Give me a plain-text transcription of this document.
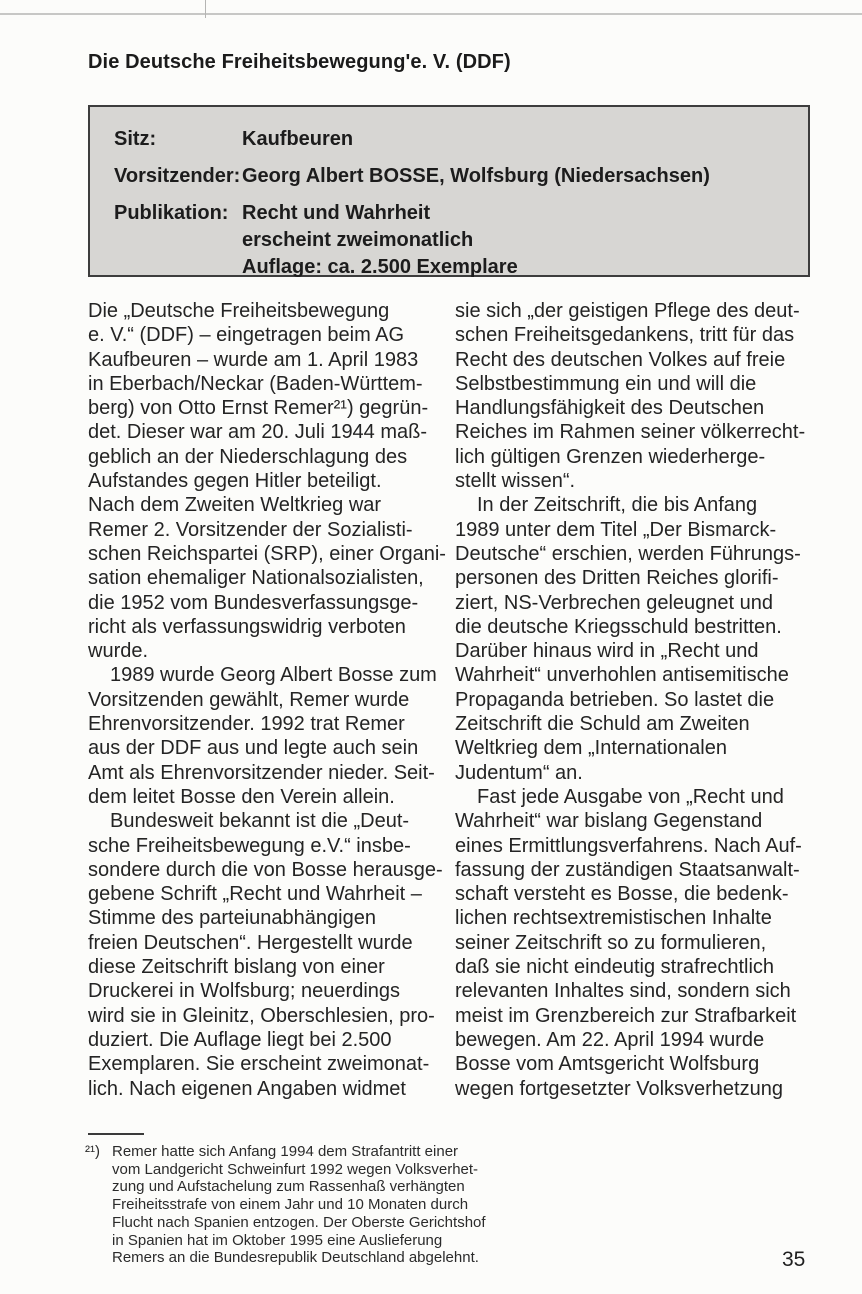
Die Deutsche Freiheitsbewegung'e. V. (DDF)
Sitz:	Kaufbeuren
Vorsitzender: Georg Albert BOSSE, Wolfsburg (Niedersachsen)
Publikation: Recht und Wahrheit
erscheint zweimonatlich
Auflage: ca. 2.500 Exemplare
Die „Deutsche Freiheitsbewegung
e. V.“ (DDF) – eingetragen beim AG
Kaufbeuren – wurde am 1. April 1983
in Eberbach/Neckar (Baden-Württem-
berg) von Otto Ernst Remer²¹) gegrün-
det. Dieser war am 20. Juli 1944 maß-
geblich an der Niederschlagung des
Aufstandes gegen Hitler beteiligt.
Nach dem Zweiten Weltkrieg war
Remer 2. Vorsitzender der Sozialisti-
schen Reichspartei (SRP), einer Organi-
sation ehemaliger Nationalsozialisten,
die 1952 vom Bundesverfassungsge-
richt als verfassungswidrig verboten
wurde.
1989 wurde Georg Albert Bosse zum
Vorsitzenden gewählt, Remer wurde
Ehrenvorsitzender. 1992 trat Remer
aus der DDF aus und legte auch sein
Amt als Ehrenvorsitzender nieder. Seit-
dem leitet Bosse den Verein allein.
Bundesweit bekannt ist die „Deut-
sche Freiheitsbewegung e.V.“ insbe-
sondere durch die von Bosse herausge-
gebene Schrift „Recht und Wahrheit –
Stimme des parteiunabhängigen
freien Deutschen“. Hergestellt wurde
diese Zeitschrift bislang von einer
Druckerei in Wolfsburg; neuerdings
wird sie in Gleinitz, Oberschlesien, pro-
duziert. Die Auflage liegt bei 2.500
Exemplaren. Sie erscheint zweimonat-
lich. Nach eigenen Angaben widmet
sie sich „der geistigen Pflege des deut-
schen Freiheitsgedankens, tritt für das
Recht des deutschen Volkes auf freie
Selbstbestimmung ein und will die
Handlungsfähigkeit des Deutschen
Reiches im Rahmen seiner völkerrecht-
lich gültigen Grenzen wiederherge-
stellt wissen“.
In der Zeitschrift, die bis Anfang
1989 unter dem Titel „Der Bismarck-
Deutsche“ erschien, werden Führungs-
personen des Dritten Reiches glorifi-
ziert, NS-Verbrechen geleugnet und
die deutsche Kriegsschuld bestritten.
Darüber hinaus wird in „Recht und
Wahrheit“ unverhohlen antisemitische
Propaganda betrieben. So lastet die
Zeitschrift die Schuld am Zweiten
Weltkrieg dem „Internationalen
Judentum“ an.
Fast jede Ausgabe von „Recht und
Wahrheit“ war bislang Gegenstand
eines Ermittlungsverfahrens. Nach Auf-
fassung der zuständigen Staatsanwalt-
schaft versteht es Bosse, die bedenk-
lichen rechtsextremistischen Inhalte
seiner Zeitschrift so zu formulieren,
daß sie nicht eindeutig strafrechtlich
relevanten Inhaltes sind, sondern sich
meist im Grenzbereich zur Strafbarkeit
bewegen. Am 22. April 1994 wurde
Bosse vom Amtsgericht Wolfsburg
wegen fortgesetzter Volksverhetzung
²¹) Remer hatte sich Anfang 1994 dem Strafantritt einer
vom Landgericht Schweinfurt 1992 wegen Volksverhet-
zung und Aufstachelung zum Rassenhaß verhängten
Freiheitsstrafe von einem Jahr und 10 Monaten durch
Flucht nach Spanien entzogen. Der Oberste Gerichtshof
in Spanien hat im Oktober 1995 eine Auslieferung
Remers an die Bundesrepublik Deutschland abgelehnt.	35
